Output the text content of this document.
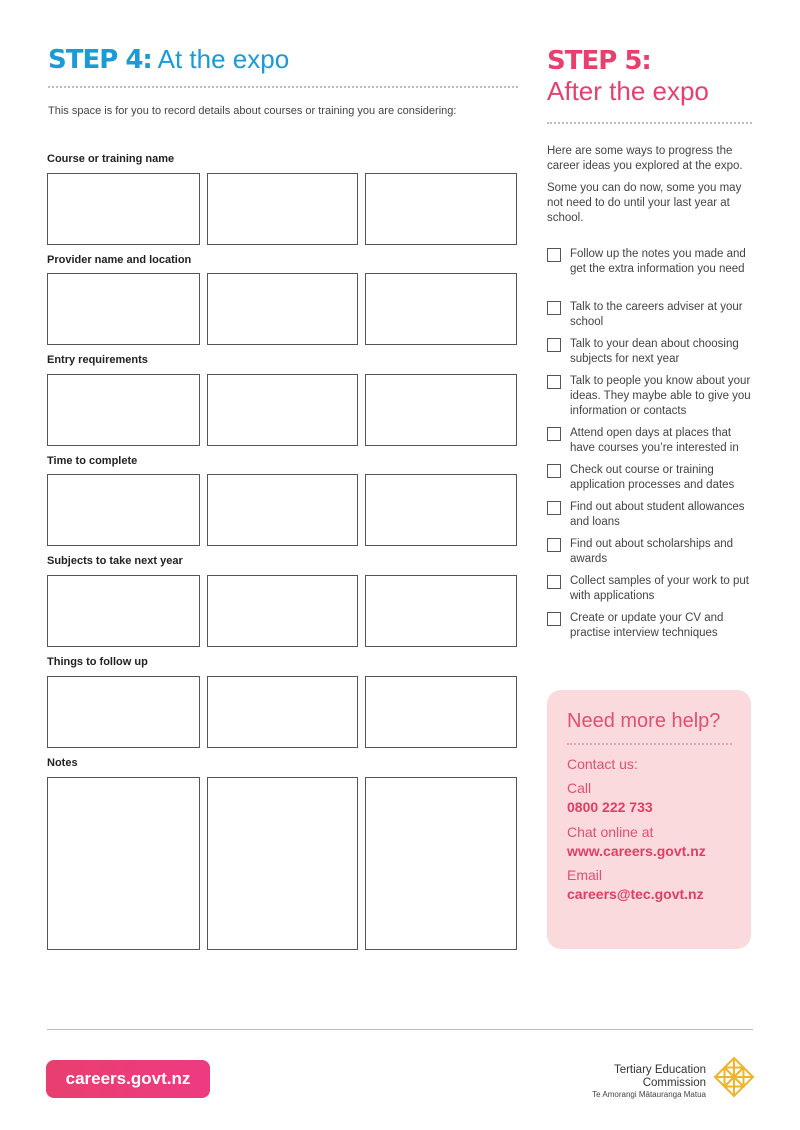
STEP 4: At the expo
This space is for you to record details about courses or training you are considering:
Course or training name
Provider name and location
Entry requirements
Time to complete
Subjects to take next year
Things to follow up
Notes
STEP 5:
After the expo
Here are some ways to progress the career ideas you explored at the expo.
Some you can do now, some you may not need to do until your last year at school.
Follow up the notes you made and get the extra information you need
Talk to the careers adviser at your school
Talk to your dean about choosing subjects for next year
Talk to people you know about your ideas. They maybe able to give you information or contacts
Attend open days at places that have courses you’re interested in
Check out course or training application processes and dates
Find out about student allowances and loans
Find out about scholarships and awards
Collect samples of your work to put with applications
Create or update your CV and practise interview techniques
Need more help?
Contact us:
Call
0800 222 733
Chat online at
www.careers.govt.nz
Email
careers@tec.govt.nz
careers.govt.nz	Tertiary Education
Commission
Te Amorangi Mātauranga Matua
